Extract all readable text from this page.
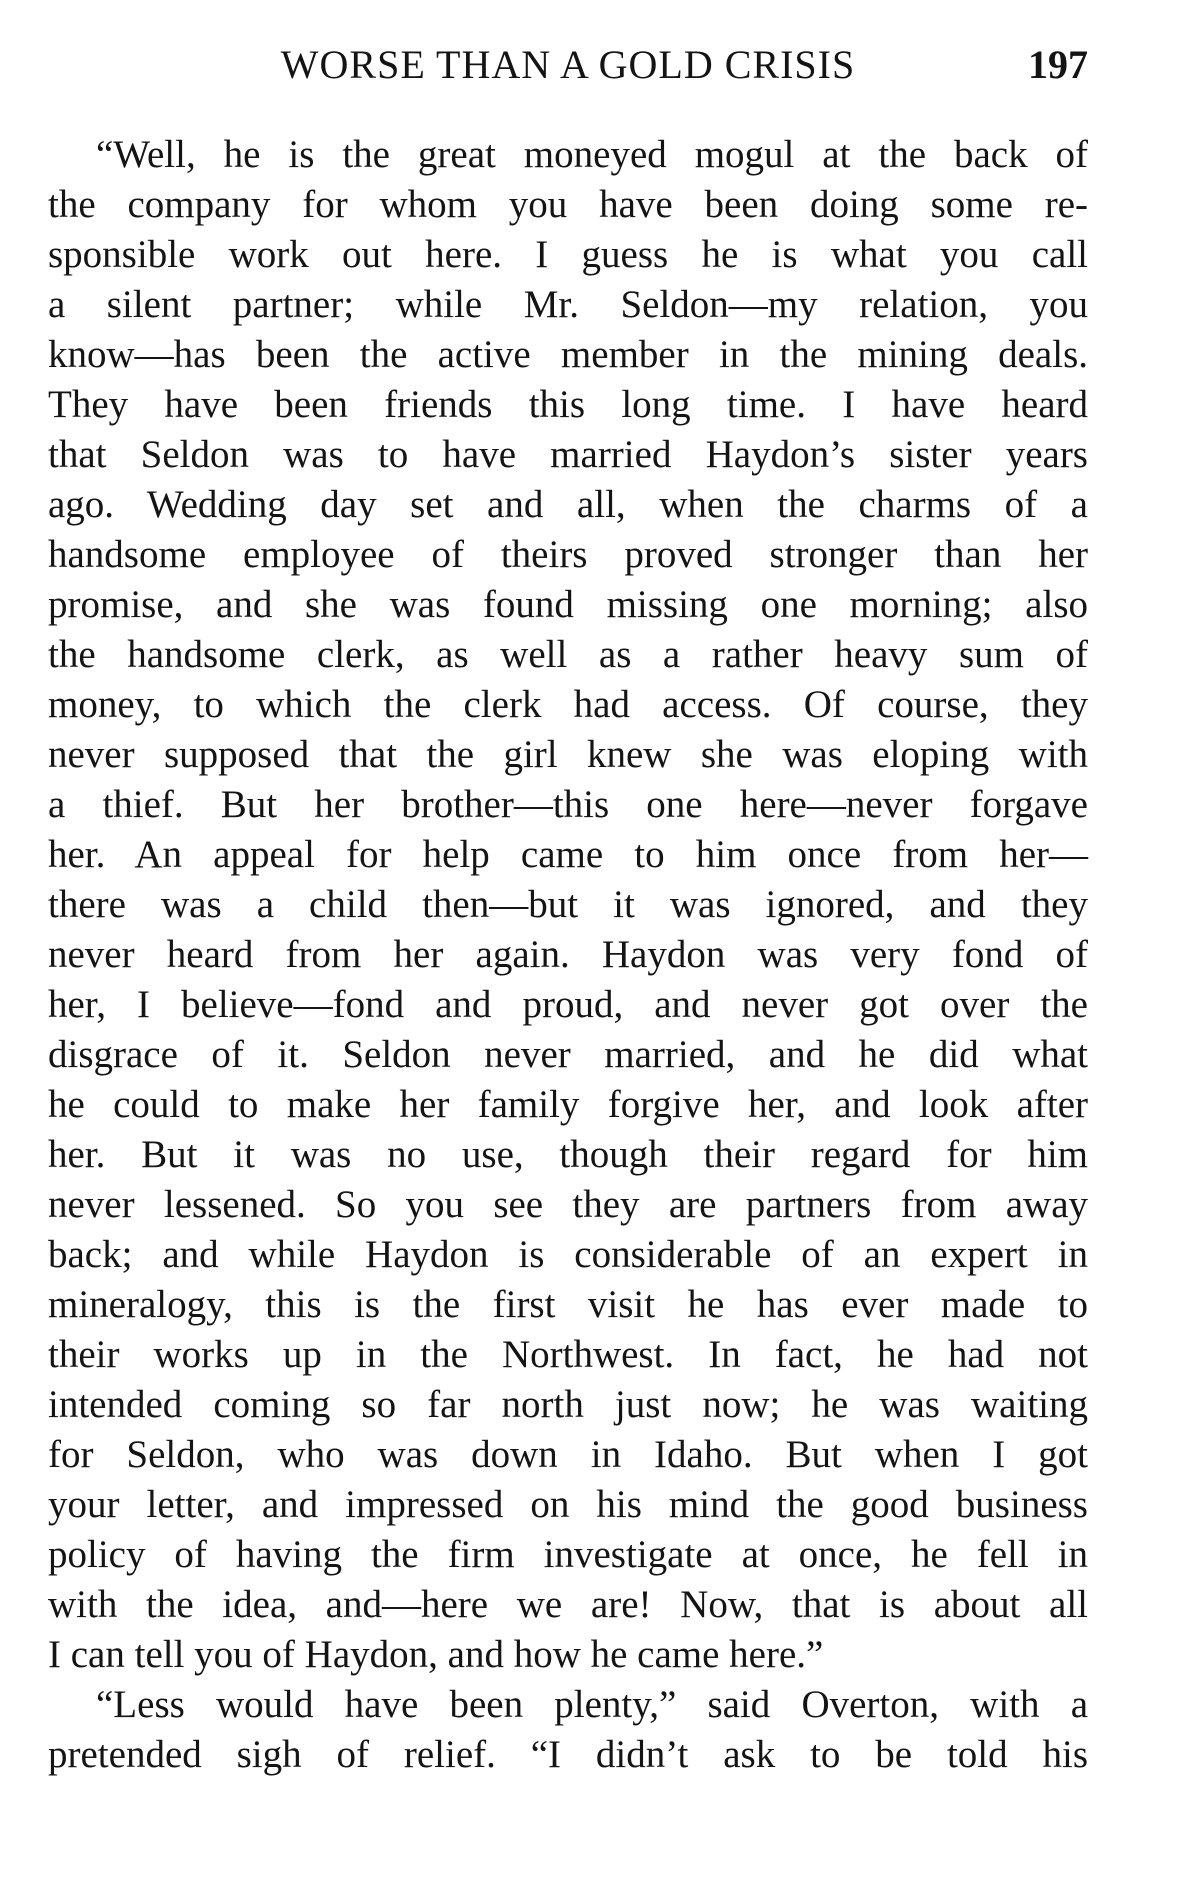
WORSE THAN A GOLD CRISIS	197

“Well, he is the great moneyed mogul at the back of
the company for whom you have been doing some re-
sponsible work out here. I guess he is what you call
a silent partner; while Mr. Seldon—my relation, you
know—has been the active member in the mining deals.
They have been friends this long time. I have heard
that Seldon was to have married Haydon’s sister years
ago. Wedding day set and all, when the charms of a
handsome employee of theirs proved stronger than her
promise, and she was found missing one morning; also
the handsome clerk, as well as a rather heavy sum of
money, to which the clerk had access. Of course, they
never supposed that the girl knew she was eloping with
a thief. But her brother—this one here—never forgave
her. An appeal for help came to him once from her—
there was a child then—but it was ignored, and they
never heard from her again. Haydon was very fond of
her, I believe—fond and proud, and never got over the
disgrace of it. Seldon never married, and he did what
he could to make her family forgive her, and look after
her. But it was no use, though their regard for him
never lessened. So you see they are partners from away
back; and while Haydon is considerable of an expert in
mineralogy, this is the first visit he has ever made to
their works up in the Northwest. In fact, he had not
intended coming so far north just now; he was waiting
for Seldon, who was down in Idaho. But when I got
your letter, and impressed on his mind the good business
policy of having the firm investigate at once, he fell in
with the idea, and—here we are! Now, that is about all
I can tell you of Haydon, and how he came here.”

“Less would have been plenty,” said Overton, with a
pretended sigh of relief. “I didn’t ask to be told his
